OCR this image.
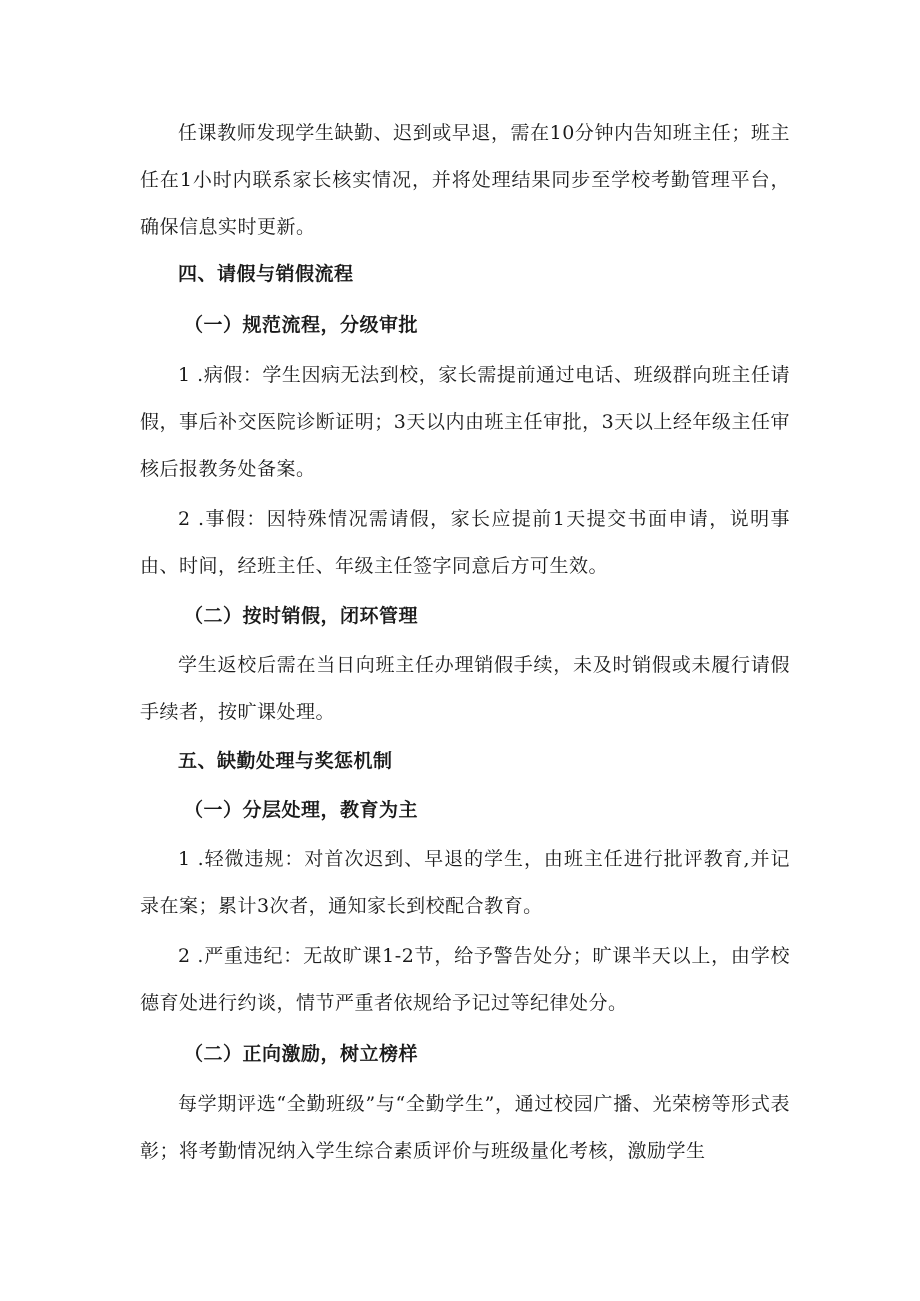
任课教师发现学生缺勤、迟到或早退，需在10分钟内告知班主任；班主任在1小时内联系家长核实情况，并将处理结果同步至学校考勤管理平台，确保信息实时更新。

四、请假与销假流程
（一）规范流程，分级审批

1 .病假：学生因病无法到校，家长需提前通过电话、班级群向班主任请假，事后补交医院诊断证明；3天以内由班主任审批，3天以上经年级主任审核后报教务处备案。

2 .事假：因特殊情况需请假，家长应提前1天提交书面申请，说明事由、时间，经班主任、年级主任签字同意后方可生效。

（二）按时销假，闭环管理

学生返校后需在当日向班主任办理销假手续，未及时销假或未履行请假手续者，按旷课处理。

五、缺勤处理与奖惩机制
（一）分层处理，教育为主

1 .轻微违规：对首次迟到、早退的学生，由班主任进行批评教育,并记录在案；累计3次者，通知家长到校配合教育。

2 .严重违纪：无故旷课1-2节，给予警告处分；旷课半天以上，由学校德育处进行约谈，情节严重者依规给予记过等纪律处分。

（二）正向激励，树立榜样

每学期评选“全勤班级”与“全勤学生”，通过校园广播、光荣榜等形式表彰；将考勤情况纳入学生综合素质评价与班级量化考核，激励学生
